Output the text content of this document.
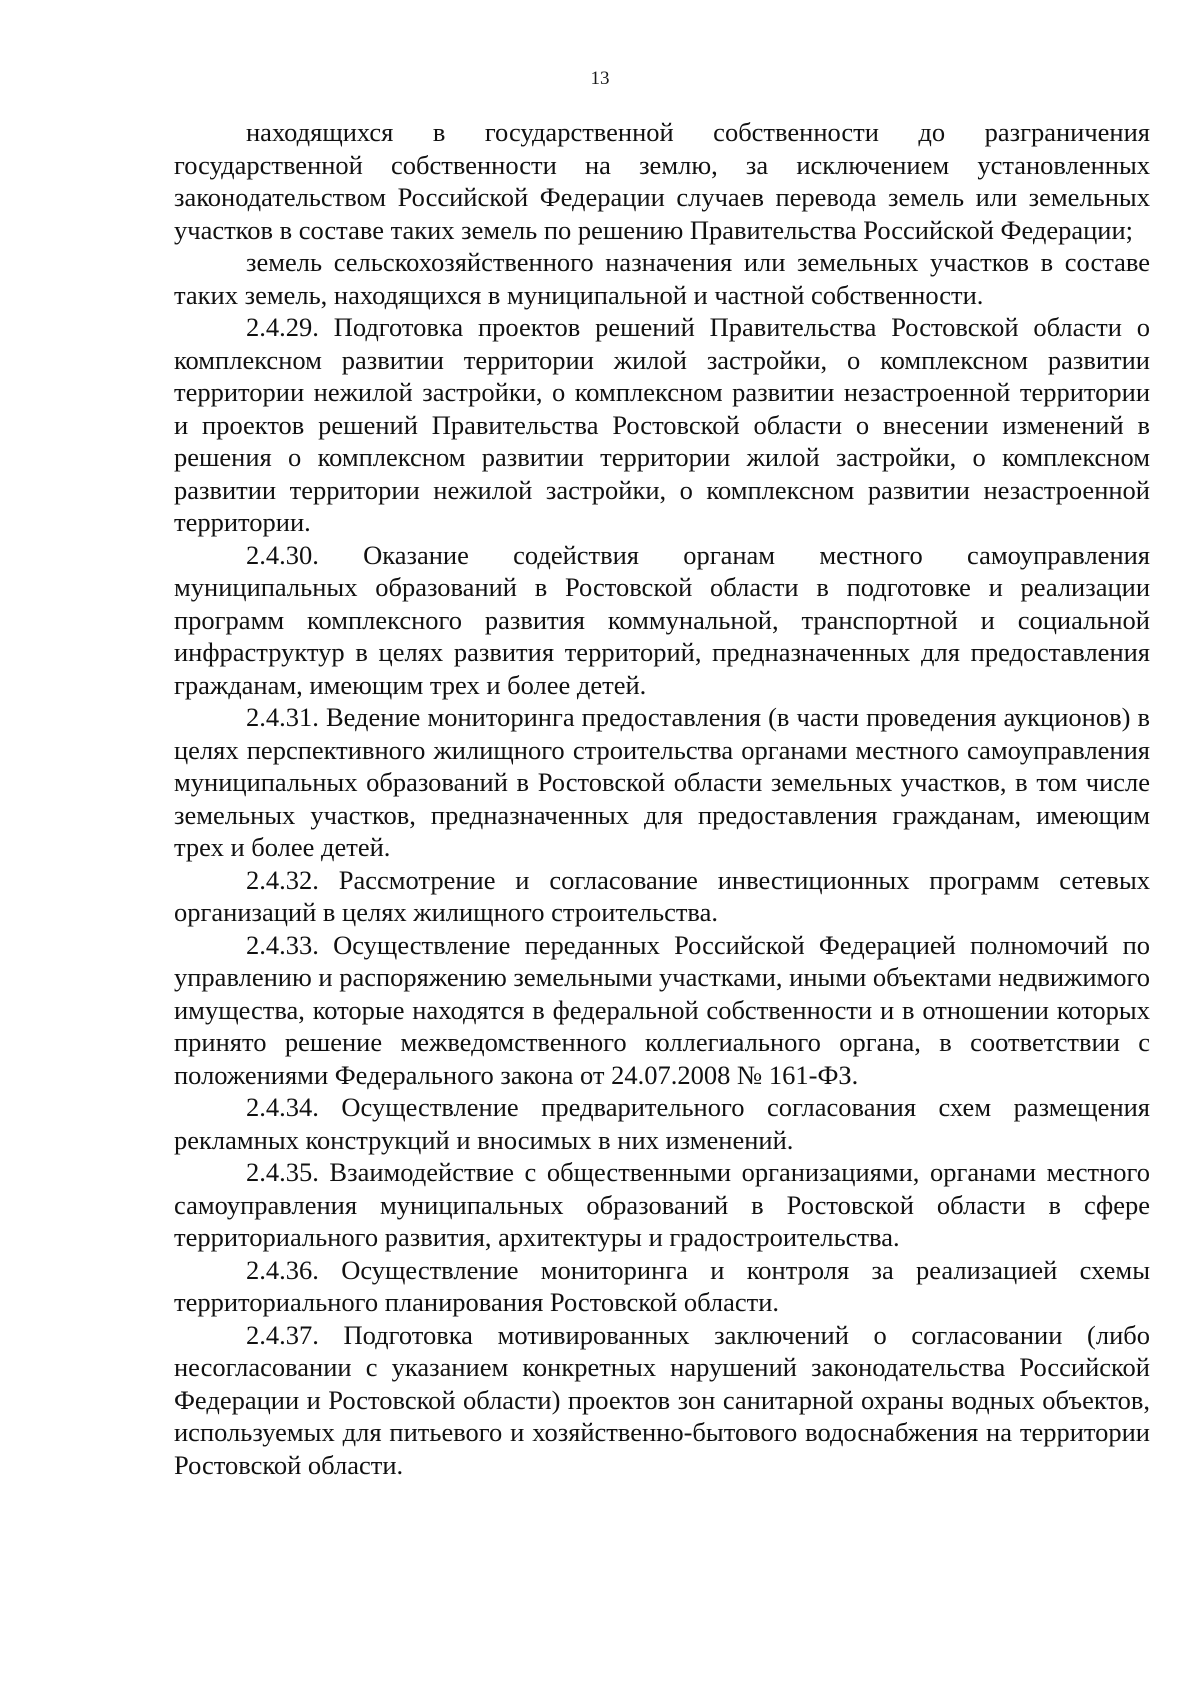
13

находящихся в государственной собственности до разграничения государственной собственности на землю, за исключением установленных законодательством Российской Федерации случаев перевода земель или земельных участков в составе таких земель по решению Правительства Российской Федерации;

земель сельскохозяйственного назначения или земельных участков в составе таких земель, находящихся в муниципальной и частной собственности.

2.4.29. Подготовка проектов решений Правительства Ростовской области о комплексном развитии территории жилой застройки, о комплексном развитии территории нежилой застройки, о комплексном развитии незастроенной территории и проектов решений Правительства Ростовской области о внесении изменений в решения о комплексном развитии территории жилой застройки, о комплексном развитии территории нежилой застройки, о комплексном развитии незастроенной территории.

2.4.30. Оказание содействия органам местного самоуправления муниципальных образований в Ростовской области в подготовке и реализации программ комплексного развития коммунальной, транспортной и социальной инфраструктур в целях развития территорий, предназначенных для предоставления гражданам, имеющим трех и более детей.

2.4.31. Ведение мониторинга предоставления (в части проведения аукционов) в целях перспективного жилищного строительства органами местного самоуправления муниципальных образований в Ростовской области земельных участков, в том числе земельных участков, предназначенных для предоставления гражданам, имеющим трех и более детей.

2.4.32. Рассмотрение и согласование инвестиционных программ сетевых организаций в целях жилищного строительства.

2.4.33. Осуществление переданных Российской Федерацией полномочий по управлению и распоряжению земельными участками, иными объектами недвижимого имущества, которые находятся в федеральной собственности и в отношении которых принято решение межведомственного коллегиального органа, в соответствии с положениями Федерального закона от 24.07.2008 № 161-ФЗ.

2.4.34. Осуществление предварительного согласования схем размещения рекламных конструкций и вносимых в них изменений.

2.4.35. Взаимодействие с общественными организациями, органами местного самоуправления муниципальных образований в Ростовской области в сфере территориального развития, архитектуры и градостроительства.

2.4.36. Осуществление мониторинга и контроля за реализацией схемы территориального планирования Ростовской области.

2.4.37. Подготовка мотивированных заключений о согласовании (либо несогласовании с указанием конкретных нарушений законодательства Российской Федерации и Ростовской области) проектов зон санитарной охраны водных объектов, используемых для питьевого и хозяйственно-бытового водоснабжения на территории Ростовской области.
